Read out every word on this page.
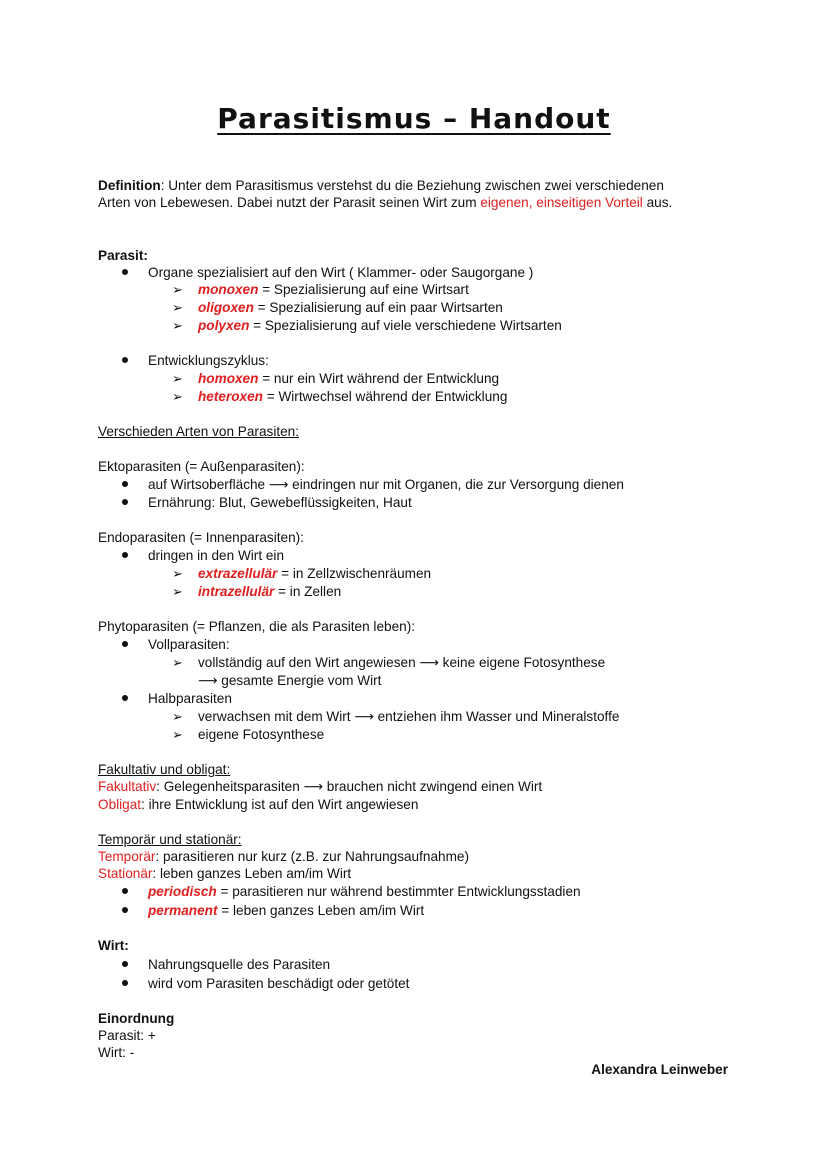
Parasitismus – Handout
Definition: Unter dem Parasitismus verstehst du die Beziehung zwischen zwei verschiedenen
Arten von Lebewesen. Dabei nutzt der Parasit seinen Wirt zum eigenen, einseitigen Vorteil aus.
Parasit:
Organe spezialisiert auf den Wirt ( Klammer- oder Saugorgane )
➢ monoxen = Spezialisierung auf eine Wirtsart
➢ oligoxen = Spezialisierung auf ein paar Wirtsarten
➢ polyxen = Spezialisierung auf viele verschiedene Wirtsarten
Entwicklungszyklus:
➢ homoxen = nur ein Wirt während der Entwicklung
➢ heteroxen = Wirtwechsel während der Entwicklung
Verschieden Arten von Parasiten:
Ektoparasiten (= Außenparasiten):
auf Wirtsoberfläche ⟶ eindringen nur mit Organen, die zur Versorgung dienen
Ernährung: Blut, Gewebeflüssigkeiten, Haut
Endoparasiten (= Innenparasiten):
dringen in den Wirt ein
➢ extrazellulär = in Zellzwischenräumen
➢ intrazellulär = in Zellen
Phytoparasiten (= Pflanzen, die als Parasiten leben):
Vollparasiten:
➢ vollständig auf den Wirt angewiesen ⟶ keine eigene Fotosynthese
⟶ gesamte Energie vom Wirt
Halbparasiten
➢ verwachsen mit dem Wirt ⟶ entziehen ihm Wasser und Mineralstoffe
➢ eigene Fotosynthese
Fakultativ und obligat:
Fakultativ: Gelegenheitsparasiten ⟶ brauchen nicht zwingend einen Wirt
Obligat: ihre Entwicklung ist auf den Wirt angewiesen
Temporär und stationär:
Temporär: parasitieren nur kurz (z.B. zur Nahrungsaufnahme)
Stationär: leben ganzes Leben am/im Wirt
periodisch = parasitieren nur während bestimmter Entwicklungsstadien
permanent = leben ganzes Leben am/im Wirt
Wirt:
Nahrungsquelle des Parasiten
wird vom Parasiten beschädigt oder getötet
Einordnung
Parasit: +
Wirt: -
Alexandra Leinweber
